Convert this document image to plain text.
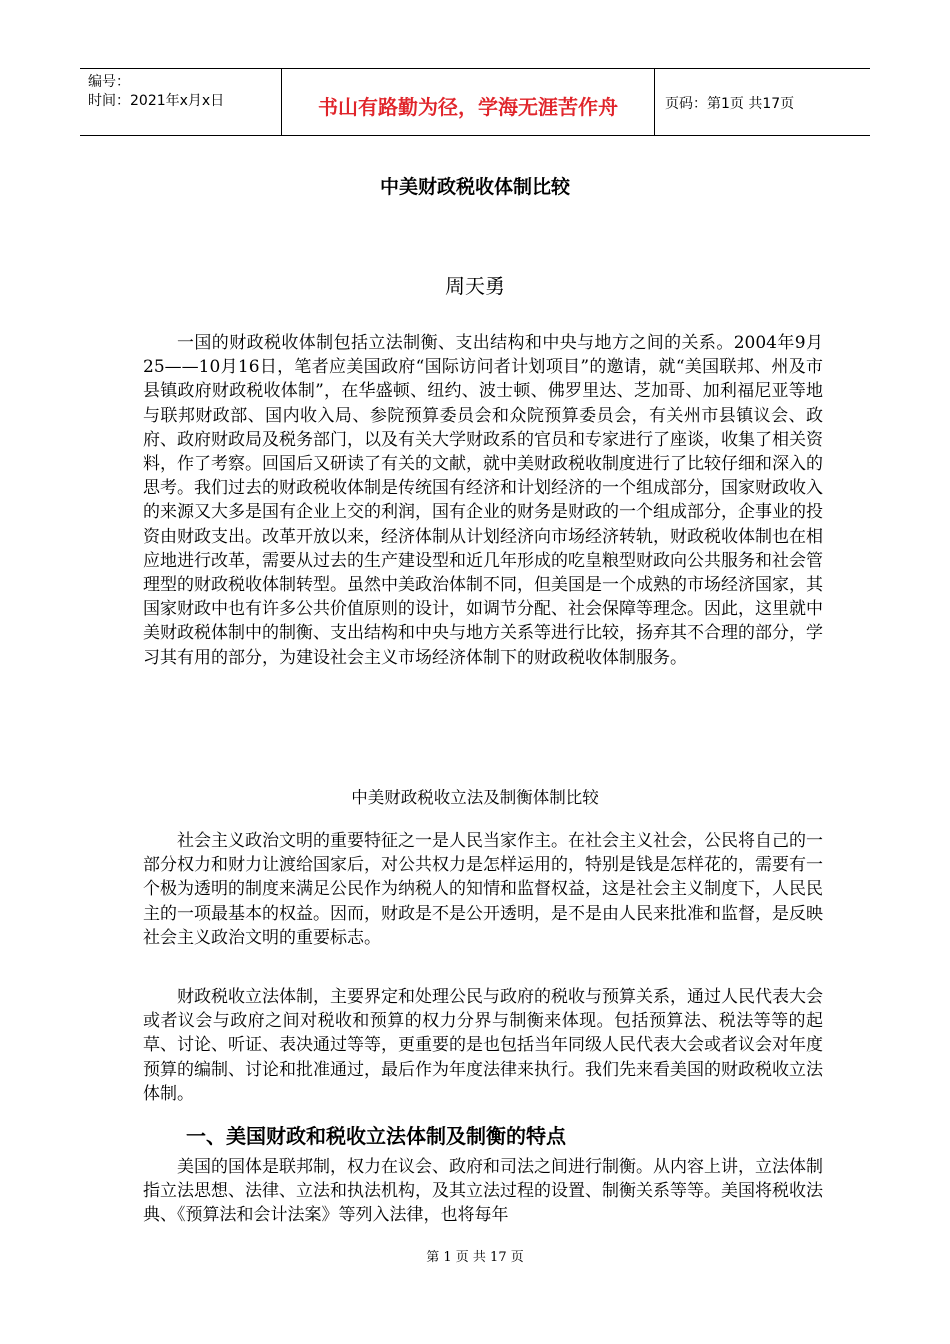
编号：
时间：2021年x月x日	书山有路勤为径，学海无涯苦作舟	页码：第1页 共17页
中美财政税收体制比较
周天勇

一国的财政税收体制包括立法制衡、支出结构和中央与地方之间的关系。2004年9月25——10月16日，笔者应美国政府“国际访问者计划项目”的邀请，就“美国联邦、州及市县镇政府财政税收体制”，在华盛顿、纽约、波士顿、佛罗里达、芝加哥、加利福尼亚等地与联邦财政部、国内收入局、参院预算委员会和众院预算委员会，有关州市县镇议会、政府、政府财政局及税务部门，以及有关大学财政系的官员和专家进行了座谈，收集了相关资料，作了考察。回国后又研读了有关的文献，就中美财政税收制度进行了比较仔细和深入的思考。我们过去的财政税收体制是传统国有经济和计划经济的一个组成部分，国家财政收入的来源又大多是国有企业上交的利润，国有企业的财务是财政的一个组成部分，企事业的投资由财政支出。改革开放以来，经济体制从计划经济向市场经济转轨，财政税收体制也在相应地进行改革，需要从过去的生产建设型和近几年形成的吃皇粮型财政向公共服务和社会管理型的财政税收体制转型。虽然中美政治体制不同，但美国是一个成熟的市场经济国家，其国家财政中也有许多公共价值原则的设计，如调节分配、社会保障等理念。因此，这里就中美财政税体制中的制衡、支出结构和中央与地方关系等进行比较，扬弃其不合理的部分，学习其有用的部分，为建设社会主义市场经济体制下的财政税收体制服务。

中美财政税收立法及制衡体制比较

社会主义政治文明的重要特征之一是人民当家作主。在社会主义社会，公民将自己的一部分权力和财力让渡给国家后，对公共权力是怎样运用的，特别是钱是怎样花的，需要有一个极为透明的制度来满足公民作为纳税人的知情和监督权益，这是社会主义制度下，人民民主的一项最基本的权益。因而，财政是不是公开透明，是不是由人民来批准和监督，是反映社会主义政治文明的重要标志。

财政税收立法体制，主要界定和处理公民与政府的税收与预算关系，通过人民代表大会或者议会与政府之间对税收和预算的权力分界与制衡来体现。包括预算法、税法等等的起草、讨论、听证、表决通过等等，更重要的是也包括当年同级人民代表大会或者议会对年度预算的编制、讨论和批准通过，最后作为年度法律来执行。我们先来看美国的财政税收立法体制。

一、美国财政和税收立法体制及制衡的特点

美国的国体是联邦制，权力在议会、政府和司法之间进行制衡。从内容上讲，立法体制指立法思想、法律、立法和执法机构，及其立法过程的设置、制衡关系等等。美国将税收法典、《预算法和会计法案》等列入法律，也将每年

第 1 页 共 17 页
